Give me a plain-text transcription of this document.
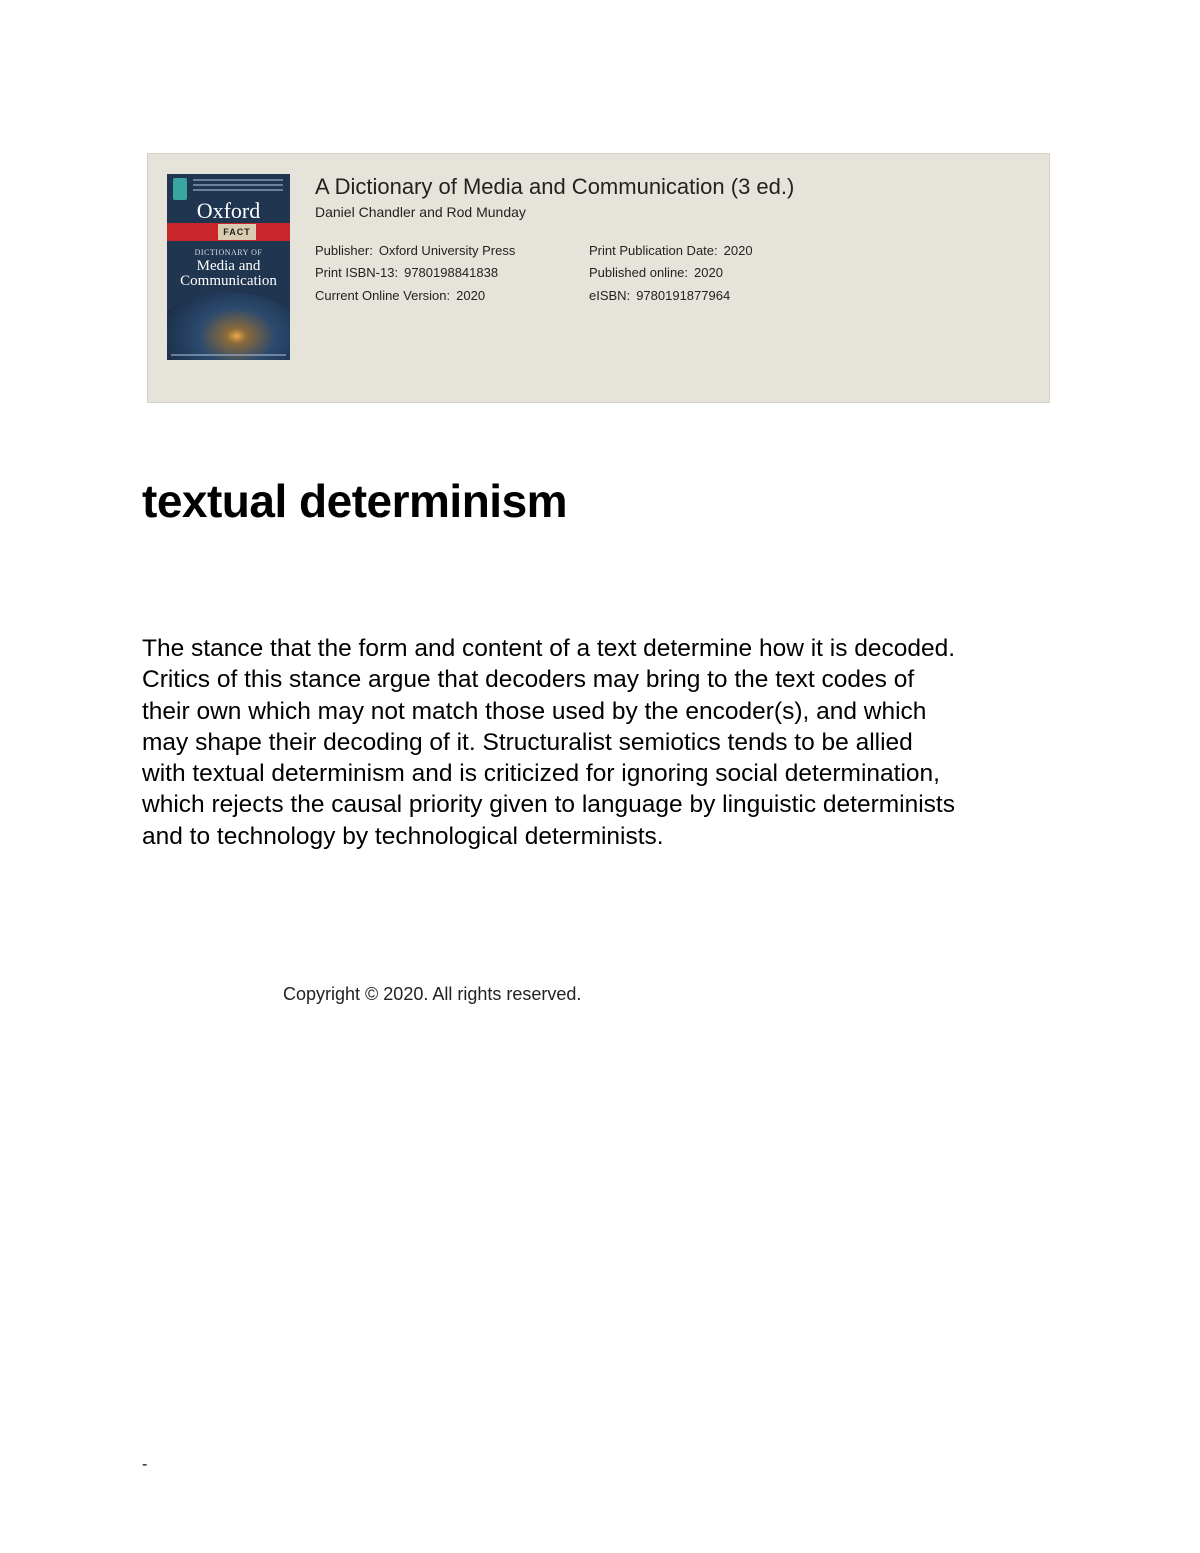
Oxford
FACT
DICTIONARY OF
Media and
Communication
A Dictionary of Media and Communication (3 ed.)
Daniel Chandler and Rod Munday
Publisher: Oxford University Press
Print ISBN-13: 9780198841838
Current Online Version: 2020
Print Publication Date: 2020
Published online: 2020
eISBN: 9780191877964
textual determinism

The stance that the form and content of a text determine how it is decoded.
Critics of this stance argue that decoders may bring to the text codes of
their own which may not match those used by the encoder(s), and which
may shape their decoding of it. Structuralist semiotics tends to be allied
with textual determinism and is criticized for ignoring social determination,
which rejects the causal priority given to language by linguistic determinists
and to technology by technological determinists.

Copyright © 2020. All rights reserved.
-
